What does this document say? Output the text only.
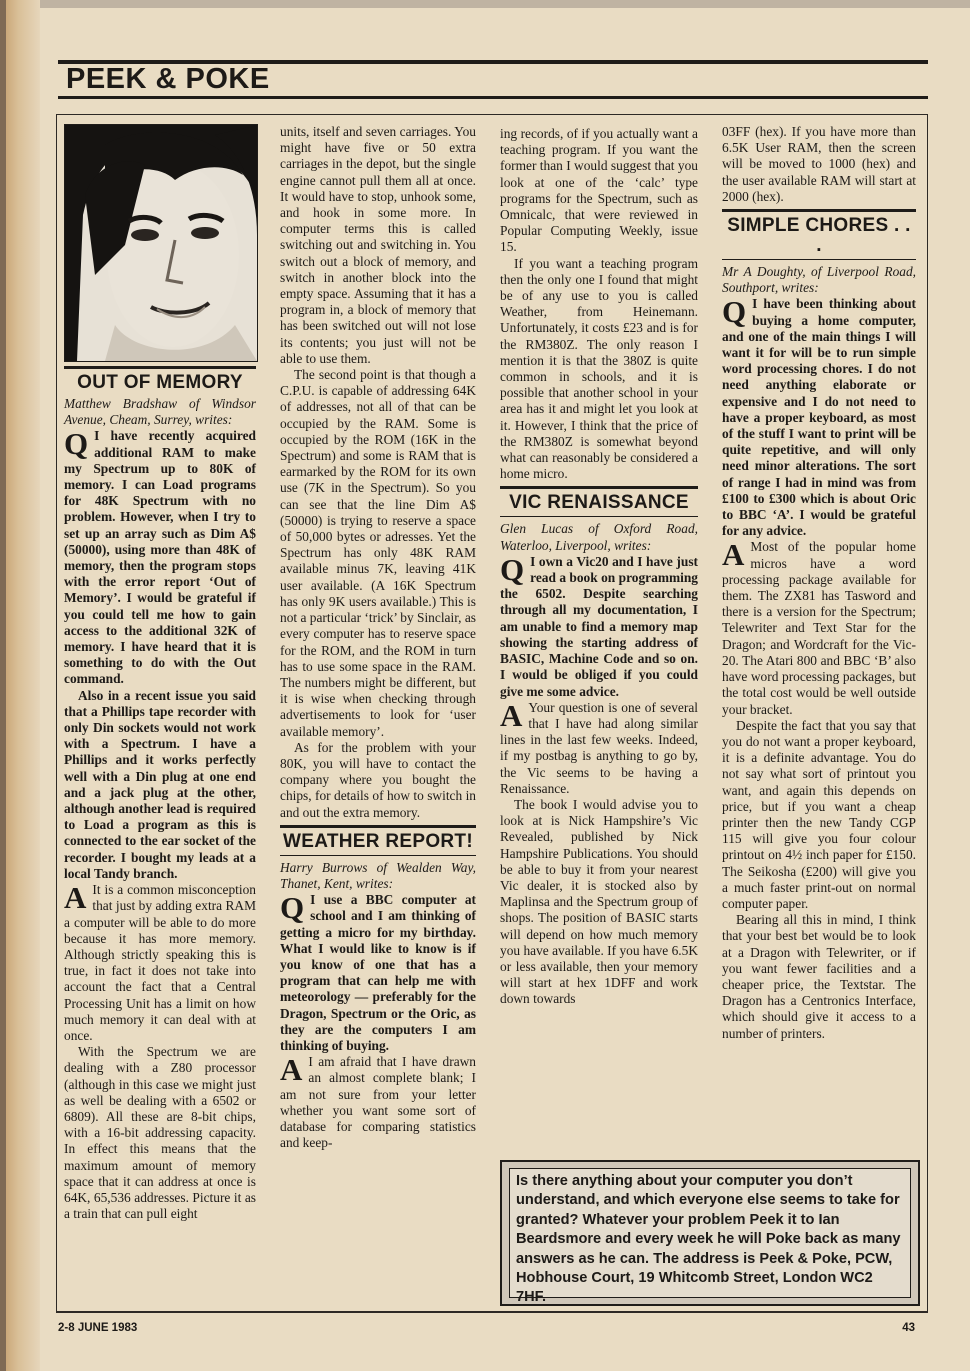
PEEK & POKE
OUT OF MEMORY

Matthew Bradshaw of Windsor Avenue, Cheam, Surrey, writes:

Q I have recently acquired additional RAM to make my Spectrum up to 80K of memory. I can Load programs for 48K Spectrum with no problem. However, when I try to set up an array such as Dim A$ (50000), using more than 48K of memory, then the program stops with the error report ‘Out of Memory’. I would be grateful if you could tell me how to gain access to the additional 32K of memory. I have heard that it is something to do with the Out command.

Also in a recent issue you said that a Phillips tape recorder with only Din sockets would not work with a Spectrum. I have a Phillips and it works perfectly well with a Din plug at one end and a jack plug at the other, although another lead is required to Load a program as this is connected to the ear socket of the recorder. I bought my leads at a local Tandy branch.

A It is a common misconception that just by adding extra RAM a computer will be able to do more because it has more memory. Although strictly speaking this is true, in fact it does not take into account the fact that a Central Processing Unit has a limit on how much memory it can deal with at once.

With the Spectrum we are dealing with a Z80 processor (although in this case we might just as well be dealing with a 6502 or 6809). All these are 8-bit chips, with a 16-bit addressing capacity. In effect this means that the maximum amount of memory space that it can address at once is 64K, 65,536 addresses. Picture it as a train that can pull eight

units, itself and seven carriages. You might have five or 50 extra carriages in the depot, but the single engine cannot pull them all at once. It would have to stop, unhook some, and hook in some more. In computer terms this is called switching out and switching in. You switch out a block of memory, and switch in another block into the empty space. Assuming that it has a program in, a block of memory that has been switched out will not lose its contents; you just will not be able to use them.

The second point is that though a C.P.U. is capable of addressing 64K of addresses, not all of that can be occupied by the RAM. Some is occupied by the ROM (16K in the Spectrum) and some is RAM that is earmarked by the ROM for its own use (7K in the Spectrum). So you can see that the line Dim A$ (50000) is trying to reserve a space of 50,000 bytes or adresses. Yet the Spectrum has only 48K RAM available minus 7K, leaving 41K user available. (A 16K Spectrum has only 9K users available.) This is not a particular ‘trick’ by Sinclair, as every computer has to reserve space for the ROM, and the ROM in turn has to use some space in the RAM. The numbers might be different, but it is wise when checking through advertisements to look for ‘user available memory’.

As for the problem with your 80K, you will have to contact the company where you bought the chips, for details of how to switch in and out the extra memory.

WEATHER REPORT!

Harry Burrows of Wealden Way, Thanet, Kent, writes:

Q I use a BBC computer at school and I am thinking of getting a micro for my birthday. What I would like to know is if you know of one that has a program that can help me with meteorology — preferably for the Dragon, Spectrum or the Oric, as they are the computers I am thinking of buying.

A I am afraid that I have drawn an almost complete blank; I am not sure from your letter whether you want some sort of database for comparing statistics and keep-

ing records, of if you actually want a teaching program. If you want the former than I would suggest that you look at one of the ‘calc’ type programs for the Spectrum, such as Omnicalc, that were reviewed in Popular Computing Weekly, issue 15.

If you want a teaching program then the only one I found that might be of any use to you is called Weather, from Heinemann. Unfortunately, it costs £23 and is for the RM380Z. The only reason I mention it is that the 380Z is quite common in schools, and it is possible that another school in your area has it and might let you look at it. However, I think that the price of the RM380Z is somewhat beyond what can reasonably be considered a home micro.

VIC RENAISSANCE

Glen Lucas of Oxford Road, Waterloo, Liverpool, writes:

Q I own a Vic20 and I have just read a book on programming the 6502. Despite searching through all my documentation, I am unable to find a memory map showing the starting address of BASIC, Machine Code and so on. I would be obliged if you could give me some advice.

A Your question is one of several that I have had along similar lines in the last few weeks. Indeed, if my postbag is anything to go by, the Vic seems to be having a Renaissance.

The book I would advise you to look at is Nick Hampshire’s Vic Revealed, published by Nick Hampshire Publications. You should be able to buy it from your nearest Vic dealer, it is stocked also by Maplinsa and the Spectrum group of shops. The position of BASIC starts will depend on how much memory you have available. If you have 6.5K or less available, then your memory will start at hex 1DFF and work down towards

03FF (hex). If you have more than 6.5K User RAM, then the screen will be moved to 1000 (hex) and the user available RAM will start at 2000 (hex).

SIMPLE CHORES . . .

Mr A Doughty, of Liverpool Road, Southport, writes:

Q I have been thinking about buying a home computer, and one of the main things I will want it for will be to run simple word processing chores. I do not need anything elaborate or expensive and I do not need to have a proper keyboard, as most of the stuff I want to print will be quite repetitive, and will only need minor alterations. The sort of range I had in mind was from £100 to £300 which is about Oric to BBC ‘A’. I would be grateful for any advice.

A Most of the popular home micros have a word processing package available for them. The ZX81 has Tasword and there is a version for the Spectrum; Telewriter and Text Star for the Dragon; and Wordcraft for the Vic-20. The Atari 800 and BBC ‘B’ also have word processing packages, but the total cost would be well outside your bracket.

Despite the fact that you say that you do not want a proper keyboard, it is a definite advantage. You do not say what sort of printout you want, and again this depends on price, but if you want a cheap printer then the new Tandy CGP 115 will give you four colour printout on 4½ inch paper for £150. The Seikosha (£200) will give you a much faster print-out on normal computer paper.

Bearing all this in mind, I think that your best bet would be to look at a Dragon with Telewriter, or if you want fewer facilities and a cheaper price, the Textstar. The Dragon has a Centronics Interface, which should give it access to a number of printers.

Is there anything about your computer you don’t understand, and which everyone else seems to take for granted? Whatever your problem Peek it to Ian Beardsmore and every week he will Poke back as many answers as he can. The address is Peek & Poke, PCW, Hobhouse Court, 19 Whitcomb Street, London WC2 7HF.
2-8 JUNE 1983	43
